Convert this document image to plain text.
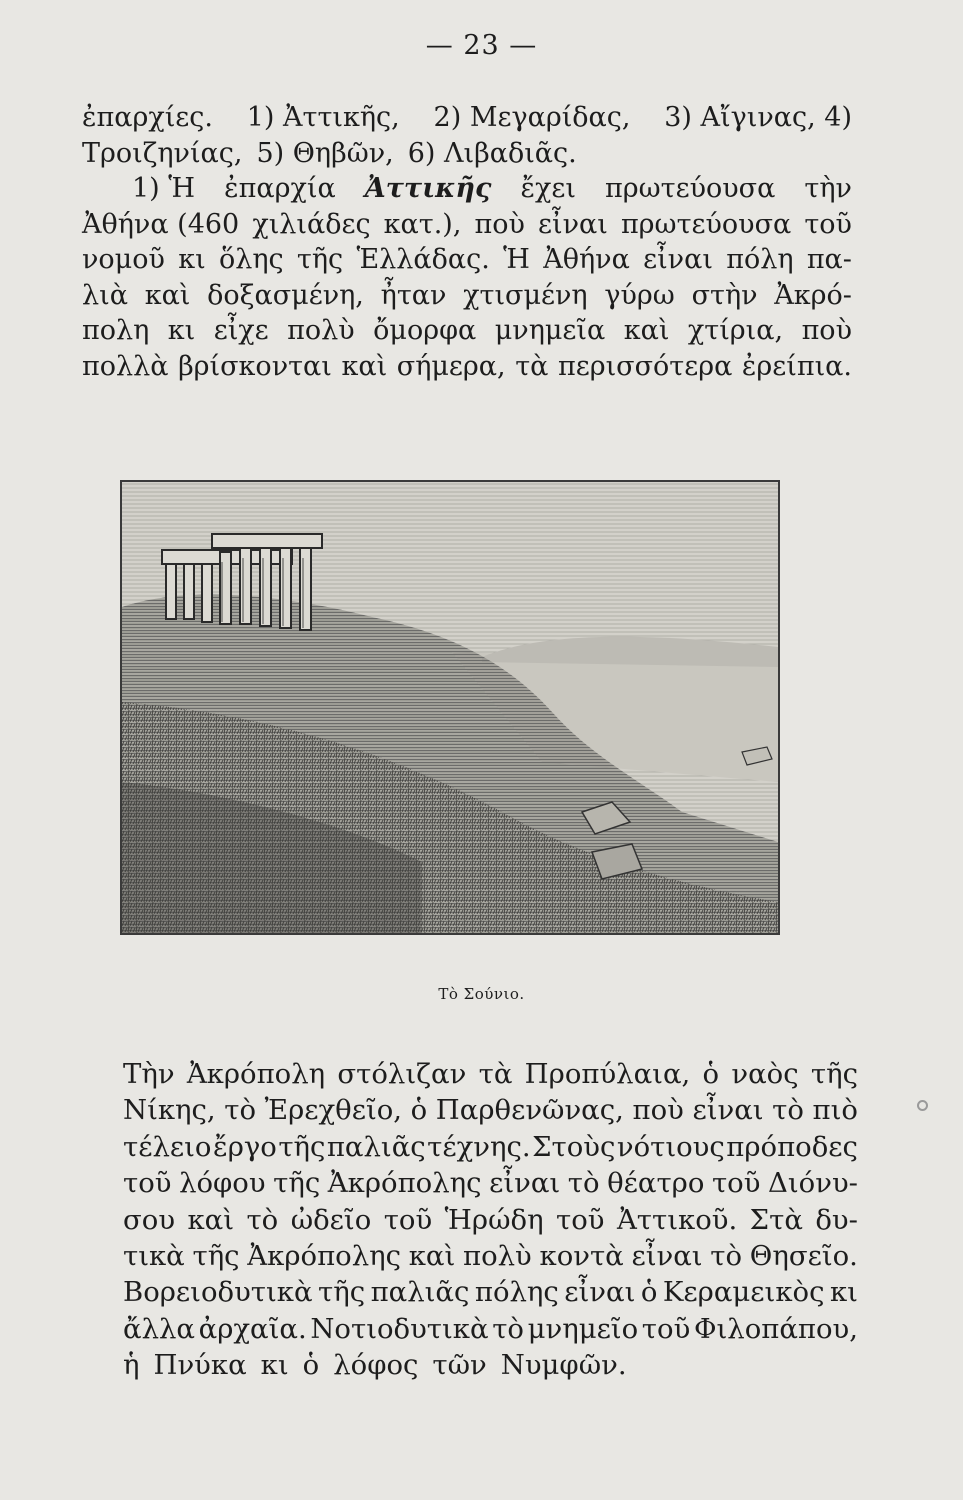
— 23 —
ἐπαρχίες. 1) Ἀττικῆς, 2) Μεγαρίδας, 3) Αἴγινας, 4)
Τροιζηνίας, 5) Θηβῶν, 6) Λιβαδιᾶς.
1) Ἡ ἐπαρχία Ἀττικῆς ἔχει πρωτεύουσα τὴν
Ἀθήνα (460 χιλιάδες κατ.), ποὺ εἶναι πρωτεύουσα τοῦ
νομοῦ κι ὅλης τῆς Ἑλλάδας. Ἡ Ἀθήνα εἶναι πόλη πα-
λιὰ καὶ δοξασμένη, ἦταν χτισμένη γύρω στὴν Ἀκρό-
πολη κι εἶχε πολὺ ὄμορφα μνημεῖα καὶ χτίρια, ποὺ
πολλὰ βρίσκονται καὶ σήμερα, τὰ περισσότερα ἐρείπια.
Τὸ Σούνιο.
Τὴν Ἀκρόπολη στόλιζαν τὰ Προπύλαια, ὁ ναὸς τῆς
Νίκης, τὸ Ἐρεχθεῖο, ὁ Παρθενῶνας, ποὺ εἶναι τὸ πιὸ
τέλειο ἔργο τῆς παλιᾶς τέχνης. Στοὺς νότιους πρόποδες
τοῦ λόφου τῆς Ἀκρόπολης εἶναι τὸ θέατρο τοῦ Διόνυ-
σου καὶ τὸ ὠδεῖο τοῦ Ἡρώδη τοῦ Ἀττικοῦ. Στὰ δυ-
τικὰ τῆς Ἀκρόπολης καὶ πολὺ κοντὰ εἶναι τὸ Θησεῖο.
Βορειοδυτικὰ τῆς παλιᾶς πόλης εἶναι ὁ Κεραμεικὸς κι
ἄλλα ἀρχαῖα. Νοτιοδυτικὰ τὸ μνημεῖο τοῦ Φιλοπάπου,
ἡ Πνύκα κι ὁ λόφος τῶν Νυμφῶν.
